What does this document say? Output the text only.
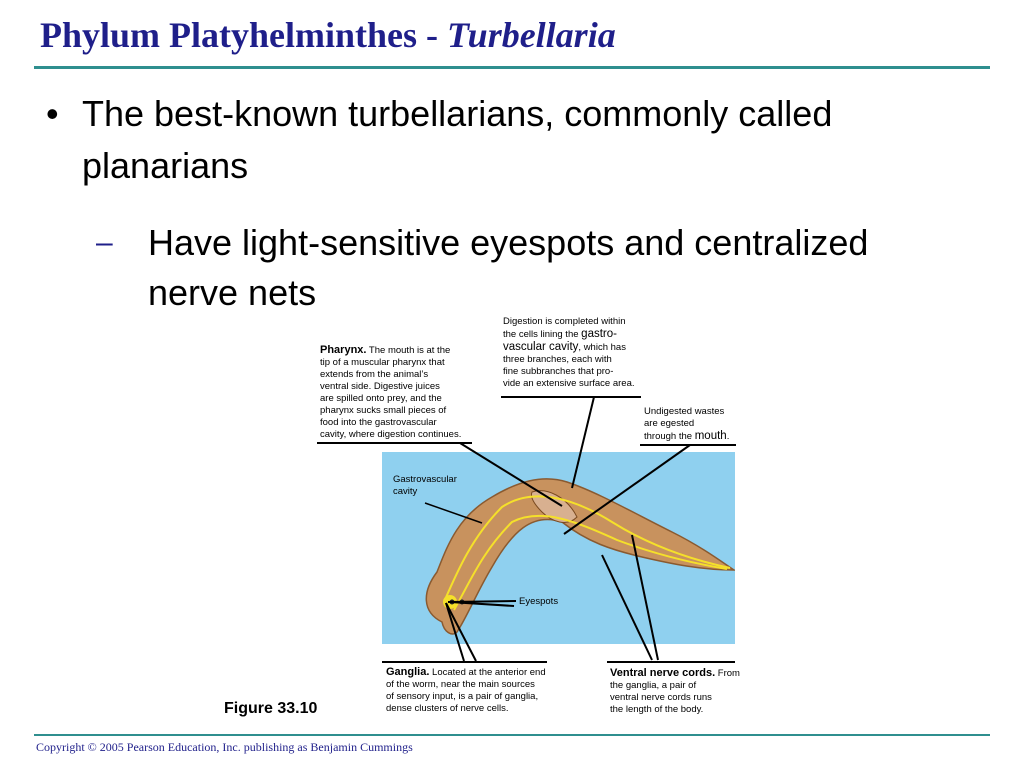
Phylum Platyhelminthes - Turbellaria
• The best-known turbellarians, commonly called planarians
– Have light-sensitive eyespots and centralized nerve nets
Digestion is completed within
the cells lining the gastro-
vascular cavity, which has
three branches, each with
fine subbranches that pro-
vide an extensive surface area.
Pharynx. The mouth is at the
tip of a muscular pharynx that
extends from the animal’s
ventral side. Digestive juices
are spilled onto prey, and the
pharynx sucks small pieces of
food into the gastrovascular
cavity, where digestion continues.
Undigested wastes
are egested
through the mouth.
Gastrovascular
cavity
Eyespots
Ganglia. Located at the anterior end
of the worm, near the main sources
of sensory input, is a pair of ganglia,
dense clusters of nerve cells.
Ventral nerve cords. From
the ganglia, a pair of
ventral nerve cords runs
the length of the body.
Figure 33.10
Copyright © 2005 Pearson Education, Inc. publishing as Benjamin Cummings
